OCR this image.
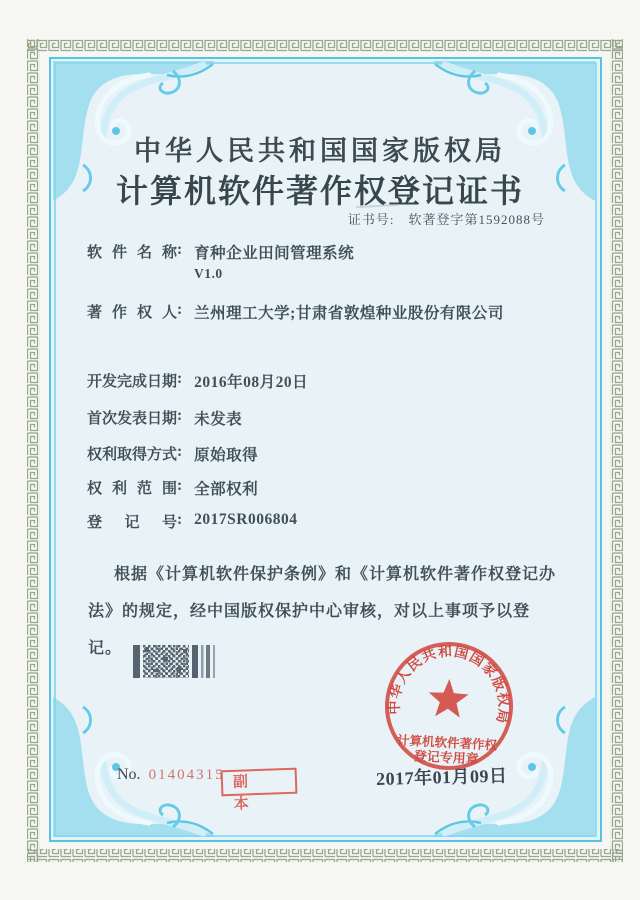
中华人民共和国国家版权局
计算机软件著作权登记证书
证书号: 软著登字第1592088号
软件名称: 育种企业田间管理系统
V1.0
著作权人: 兰州理工大学;甘肃省敦煌种业股份有限公司
开发完成日期: 2016年08月20日
首次发表日期: 未发表
权利取得方式: 原始取得
权利范围: 全部权利
登记号: 2017SR006804
根据《计算机软件保护条例》和《计算机软件著作权登记办法》的规定，经中国版权保护中心审核，对以上事项予以登记。
2017年01月09日
中华人民共和国国家版权局
计算机软件著作权
登记专用章
No. 01404315 副本
